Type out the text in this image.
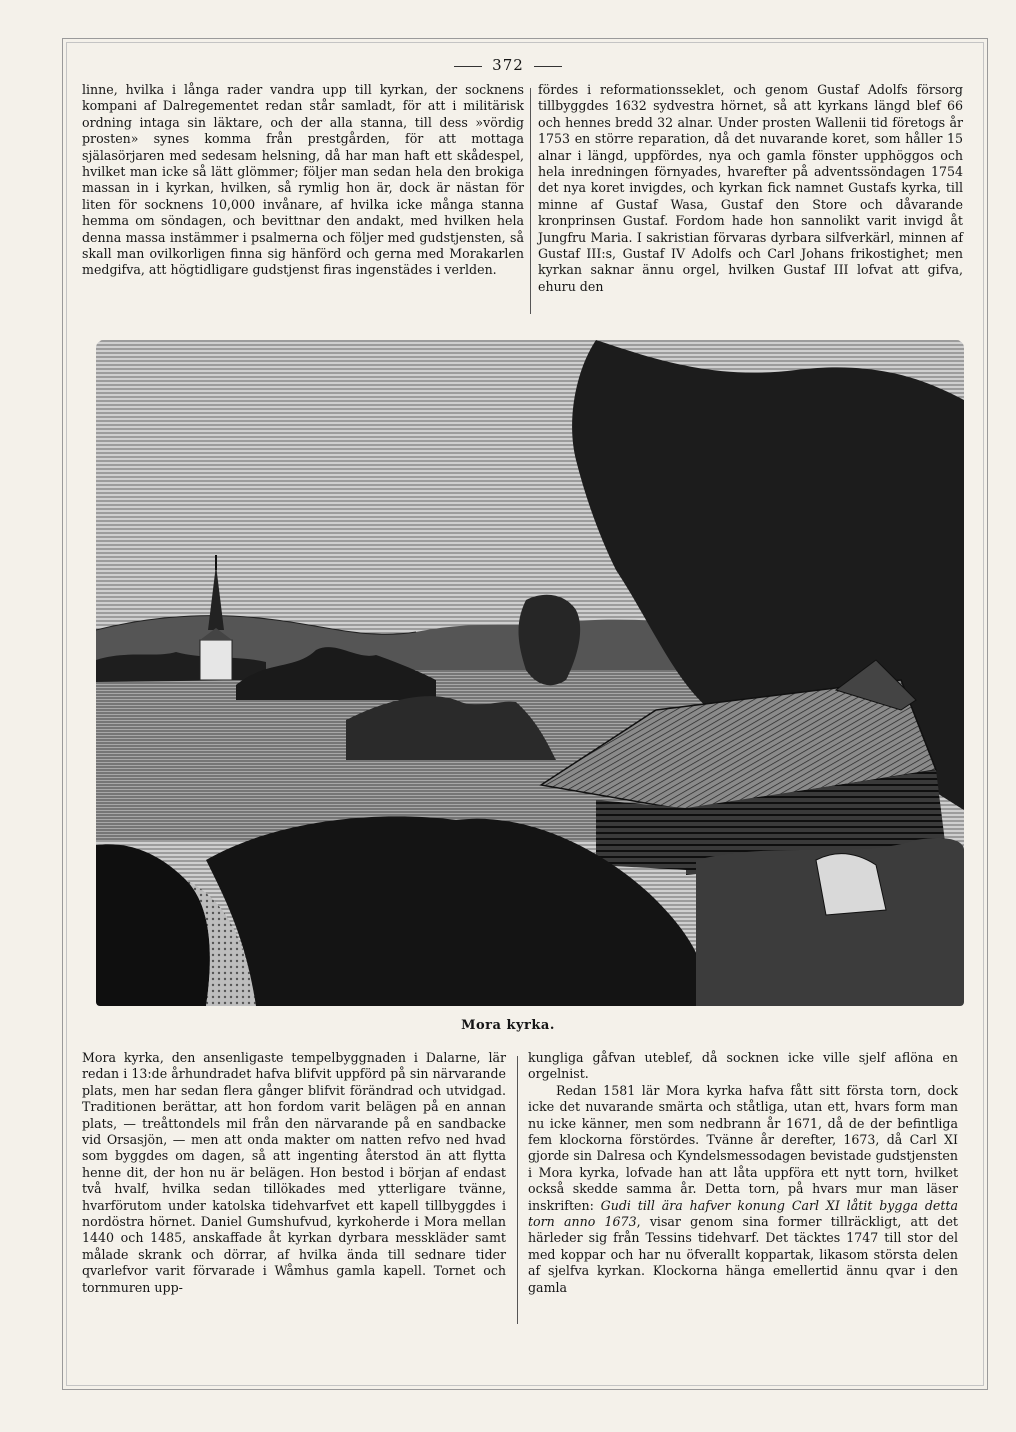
372

linne, hvilka i långa rader vandra upp till kyrkan, der socknens kompani af Dalregementet redan står samladt, för att i militärisk ordning intaga sin läktare, och der alla stanna, till dess »vördig prosten» synes komma från prestgården, för att mottaga själasörjaren med sedesam helsning, då har man haft ett skådespel, hvilket man icke så lätt glömmer; följer man sedan hela den brokiga massan in i kyrkan, hvilken, så rymlig hon är, dock är nästan för liten för socknens 10,000 invånare, af hvilka icke många stanna hemma om söndagen, och bevittnar den andakt, med hvilken hela denna massa instämmer i psalmerna och följer med gudstjensten, så skall man ovilkorligen finna sig hänförd och gerna med Morakarlen medgifva, att högtidligare gudstjenst firas ingenstädes i verlden.

fördes i reformationsseklet, och genom Gustaf Adolfs försorg tillbyggdes 1632 sydvestra hörnet, så att kyrkans längd blef 66 och hennes bredd 32 alnar. Under prosten Wallenii tid företogs år 1753 en större reparation, då det nuvarande koret, som håller 15 alnar i längd, uppfördes, nya och gamla fönster upphöggos och hela inredningen förnyades, hvarefter på adventssöndagen 1754 det nya koret invigdes, och kyrkan fick namnet Gustafs kyrka, till minne af Gustaf Wasa, Gustaf den Store och dåvarande kronprinsen Gustaf. Fordom hade hon sannolikt varit invigd åt Jungfru Maria. I sakristian förvaras dyrbara silfverkärl, minnen af Gustaf III:s, Gustaf IV Adolfs och Carl Johans frikostighet; men kyrkan saknar ännu orgel, hvilken Gustaf III lofvat att gifva, ehuru den

Mora kyrka.

Mora kyrka, den ansenligaste tempelbyggnaden i Dalarne, lär redan i 13:de århundradet hafva blifvit uppförd på sin närvarande plats, men har sedan flera gånger blifvit förändrad och utvidgad. Traditionen berättar, att hon fordom varit belägen på en annan plats, — treåttondels mil från den närvarande på en sandbacke vid Orsasjön, — men att onda makter om natten refvo ned hvad som byggdes om dagen, så att ingenting återstod än att flytta henne dit, der hon nu är belägen. Hon bestod i början af endast två hvalf, hvilka sedan tillökades med ytterligare tvänne, hvarförutom under katolska tidehvarfvet ett kapell tillbyggdes i nordöstra hörnet. Daniel Gumshufvud, kyrkoherde i Mora mellan 1440 och 1485, anskaffade åt kyrkan dyrbara messkläder samt målade skrank och dörrar, af hvilka ända till sednare tider qvarlefvor varit förvarade i Wåmhus gamla kapell. Tornet och tornmuren upp-

kungliga gåfvan uteblef, då socknen icke ville sjelf aflöna en orgelnist.

Redan 1581 lär Mora kyrka hafva fått sitt första torn, dock icke det nuvarande smärta och ståtliga, utan ett, hvars form man nu icke känner, men som nedbrann år 1671, då de der befintliga fem klockorna förstördes. Tvänne år derefter, 1673, då Carl XI gjorde sin Dalresa och Kyndelsmessodagen bevistade gudstjensten i Mora kyrka, lofvade han att låta uppföra ett nytt torn, hvilket också skedde samma år. Detta torn, på hvars mur man läser inskriften: Gudi till ära hafver konung Carl XI låtit bygga detta torn anno 1673, visar genom sina former tillräckligt, att det härleder sig från Tessins tidehvarf. Det täcktes 1747 till stor del med koppar och har nu öfverallt koppartak, likasom största delen af sjelfva kyrkan. Klockorna hänga emellertid ännu qvar i den gamla
